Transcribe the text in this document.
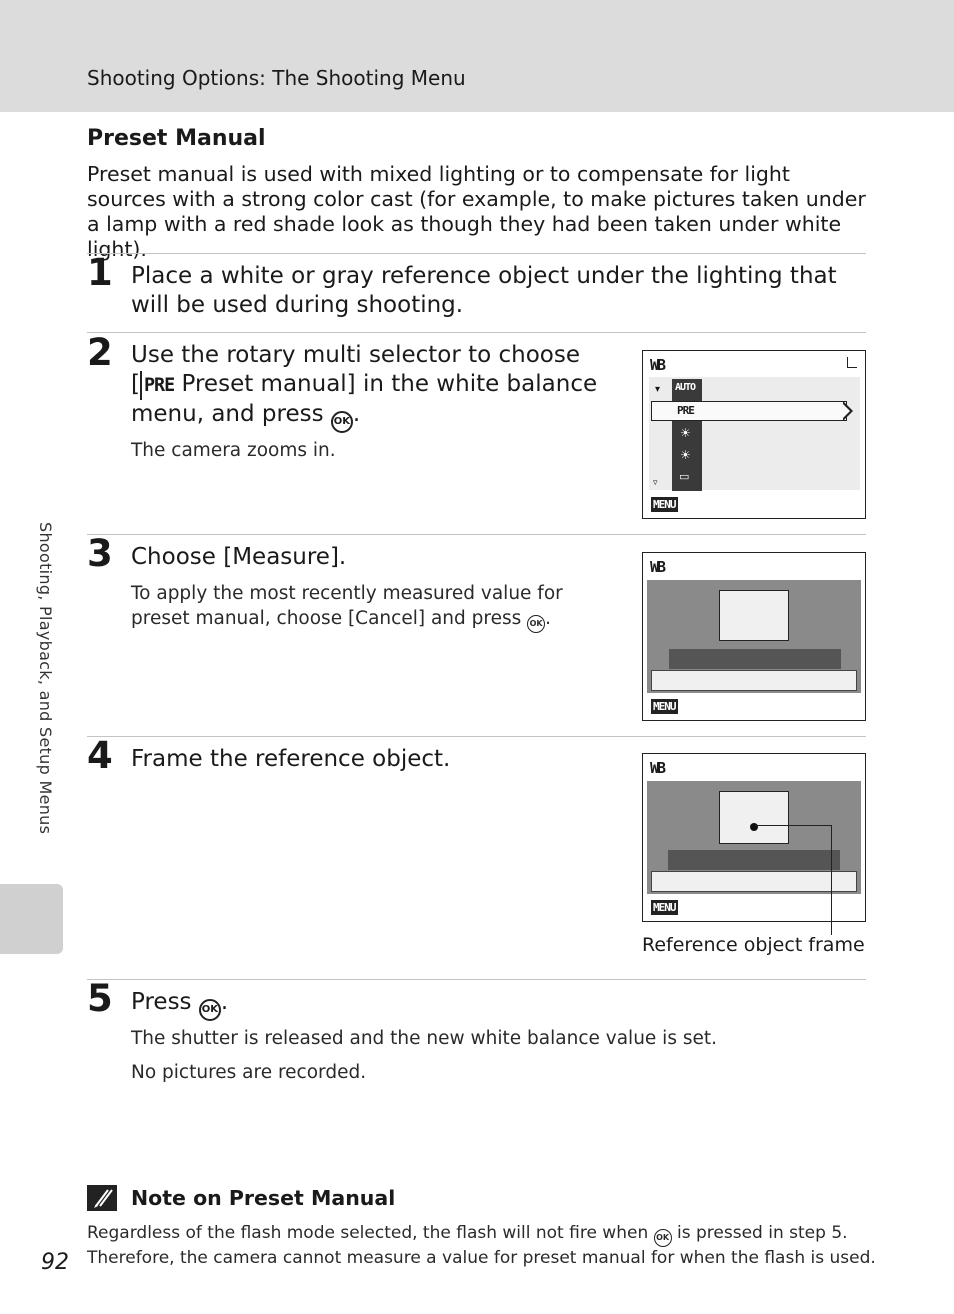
Shooting Options: The Shooting Menu
Preset Manual
Preset manual is used with mixed lighting or to compensate for light sources with a strong color cast (for example, to make pictures taken under a lamp with a red shade look as though they had been taken under white light).
1 Place a white or gray reference object under the lighting that will be used during shooting.
2 Use the rotary multi selector to choose
[ PRE Preset manual] in the white balance
menu, and press OK .
The camera zooms in.
WB
▾ AUTO
PRE
☀
☀
▭
▿
MENU
3 Choose [Measure].
To apply the most recently measured value for preset manual, choose [Cancel] and press OK .
WB
MENU
4 Frame the reference object.	WB
MENU
Reference object frame
5 Press OK .
The shutter is released and the new white balance value is set.
No pictures are recorded.
Shooting, Playback, and Setup Menus
Note on Preset Manual
Regardless of the flash mode selected, the flash will not fire when OK is pressed in step 5. Therefore, the camera cannot measure a value for preset manual for when the flash is used.
92
